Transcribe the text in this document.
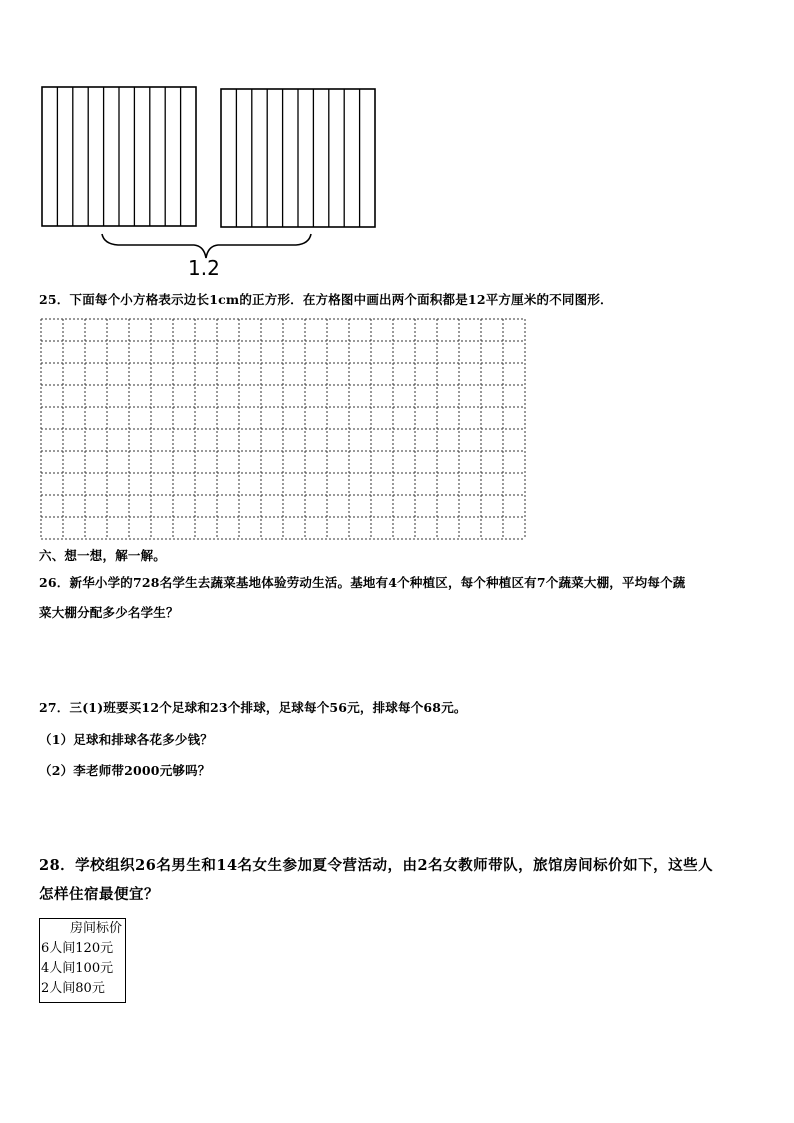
1.2
25．下面每个小方格表示边长1cm的正方形．在方格图中画出两个面积都是12平方厘米的不同图形．
六、想一想，解一解。
26．新华小学的728名学生去蔬菜基地体验劳动生活。基地有4个种植区，每个种植区有7个蔬菜大棚，平均每个蔬
菜大棚分配多少名学生？
27．三(1)班要买12个足球和23个排球，足球每个56元，排球每个68元。
（1）足球和排球各花多少钱？
（2）李老师带2000元够吗？
28．学校组织26名男生和14名女生参加夏令营活动，由2名女教师带队，旅馆房间标价如下，这些人
怎样住宿最便宜？
房间标价
6人间120元
4人间100元
2人间80元
